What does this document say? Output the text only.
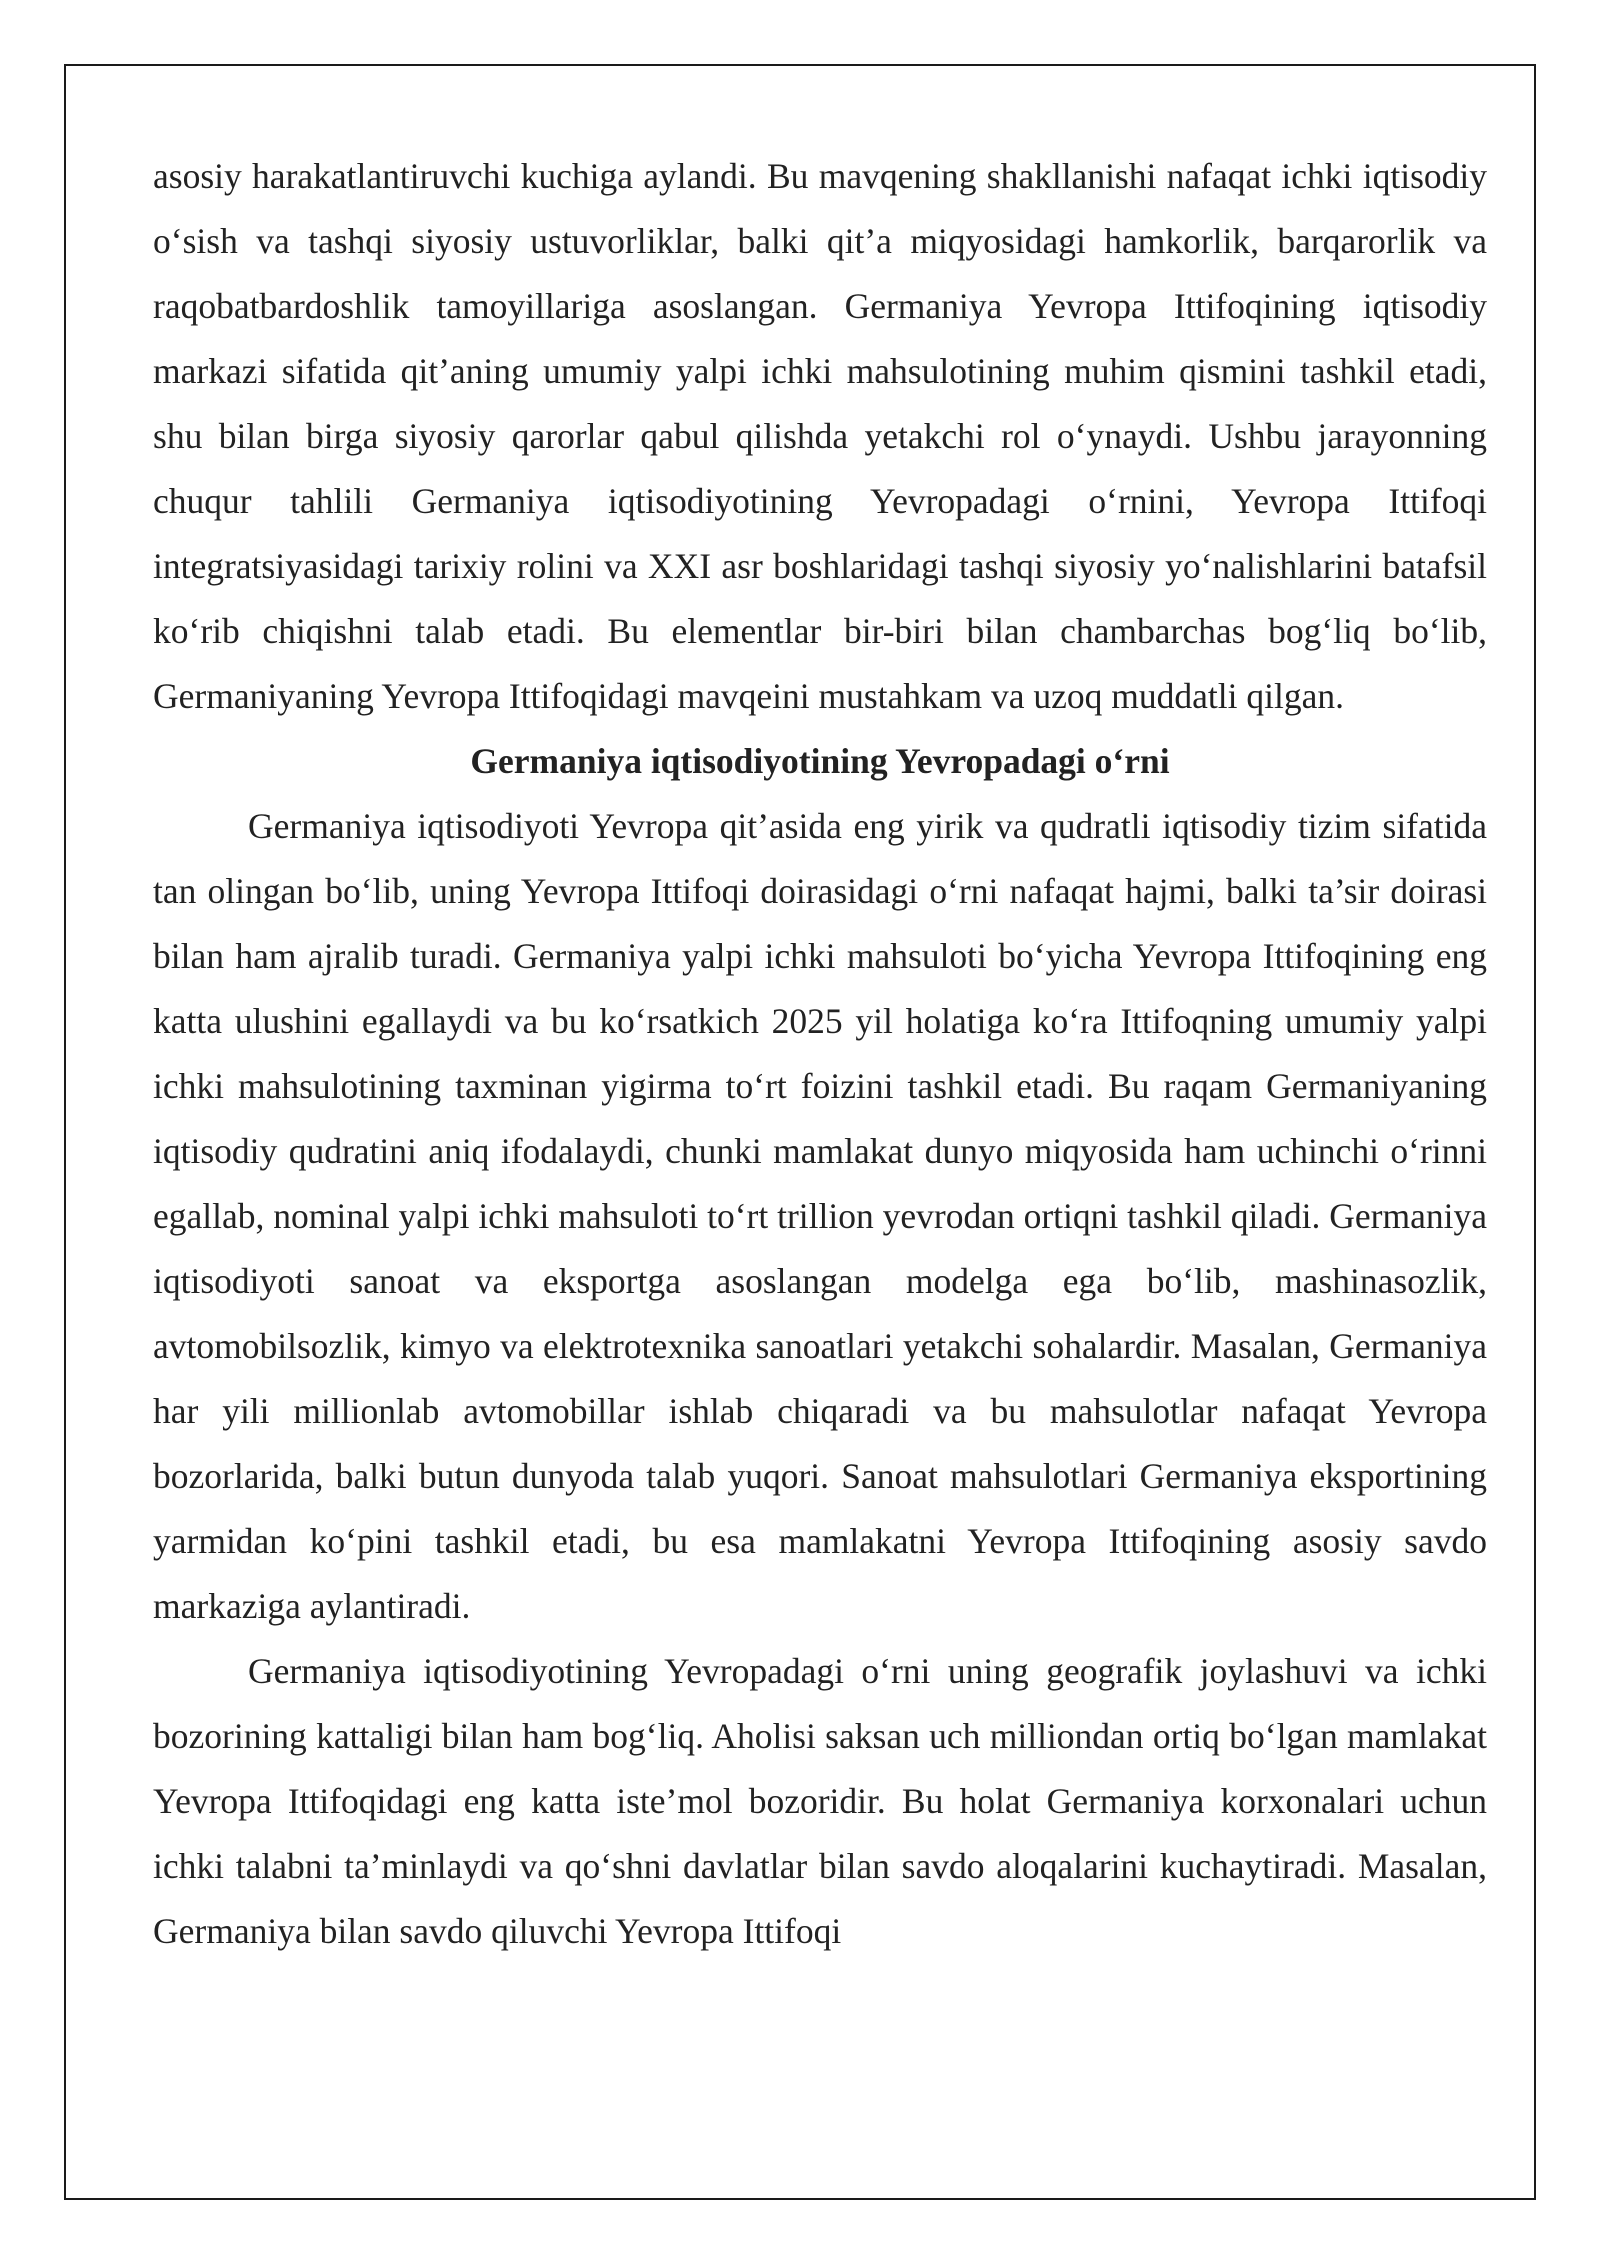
asosiy harakatlantiruvchi kuchiga aylandi. Bu mavqening shakllanishi nafaqat ichki iqtisodiy o‘sish va tashqi siyosiy ustuvorliklar, balki qit’a miqyosidagi hamkorlik, barqarorlik va raqobatbardoshlik tamoyillariga asoslangan. Germaniya Yevropa Ittifoqining iqtisodiy markazi sifatida qit’aning umumiy yalpi ichki mahsulotining muhim qismini tashkil etadi, shu bilan birga siyosiy qarorlar qabul qilishda yetakchi rol o‘ynaydi. Ushbu jarayonning chuqur tahlili Germaniya iqtisodiyotining Yevropadagi o‘rnini, Yevropa Ittifoqi integratsiyasidagi tarixiy rolini va XXI asr boshlaridagi tashqi siyosiy yo‘nalishlarini batafsil ko‘rib chiqishni talab etadi. Bu elementlar bir-biri bilan chambarchas bog‘liq bo‘lib, Germaniyaning Yevropa Ittifoqidagi mavqeini mustahkam va uzoq muddatli qilgan.

Germaniya iqtisodiyotining Yevropadagi o‘rni

Germaniya iqtisodiyoti Yevropa qit’asida eng yirik va qudratli iqtisodiy tizim sifatida tan olingan bo‘lib, uning Yevropa Ittifoqi doirasidagi o‘rni nafaqat hajmi, balki ta’sir doirasi bilan ham ajralib turadi. Germaniya yalpi ichki mahsuloti bo‘yicha Yevropa Ittifoqining eng katta ulushini egallaydi va bu ko‘rsatkich 2025 yil holatiga ko‘ra Ittifoqning umumiy yalpi ichki mahsulotining taxminan yigirma to‘rt foizini tashkil etadi. Bu raqam Germaniyaning iqtisodiy qudratini aniq ifodalaydi, chunki mamlakat dunyo miqyosida ham uchinchi o‘rinni egallab, nominal yalpi ichki mahsuloti to‘rt trillion yevrodan ortiqni tashkil qiladi. Germaniya iqtisodiyoti sanoat va eksportga asoslangan modelga ega bo‘lib, mashinasozlik, avtomobilsozlik, kimyo va elektrotexnika sanoatlari yetakchi sohalardir. Masalan, Germaniya har yili millionlab avtomobillar ishlab chiqaradi va bu mahsulotlar nafaqat Yevropa bozorlarida, balki butun dunyoda talab yuqori. Sanoat mahsulotlari Germaniya eksportining yarmidan ko‘pini tashkil etadi, bu esa mamlakatni Yevropa Ittifoqining asosiy savdo markaziga aylantiradi.

Germaniya iqtisodiyotining Yevropadagi o‘rni uning geografik joylashuvi va ichki bozorining kattaligi bilan ham bog‘liq. Aholisi saksan uch milliondan ortiq bo‘lgan mamlakat Yevropa Ittifoqidagi eng katta iste’mol bozoridir. Bu holat Germaniya korxonalari uchun ichki talabni ta’minlaydi va qo‘shni davlatlar bilan savdo aloqalarini kuchaytiradi. Masalan, Germaniya bilan savdo qiluvchi Yevropa Ittifoqi
